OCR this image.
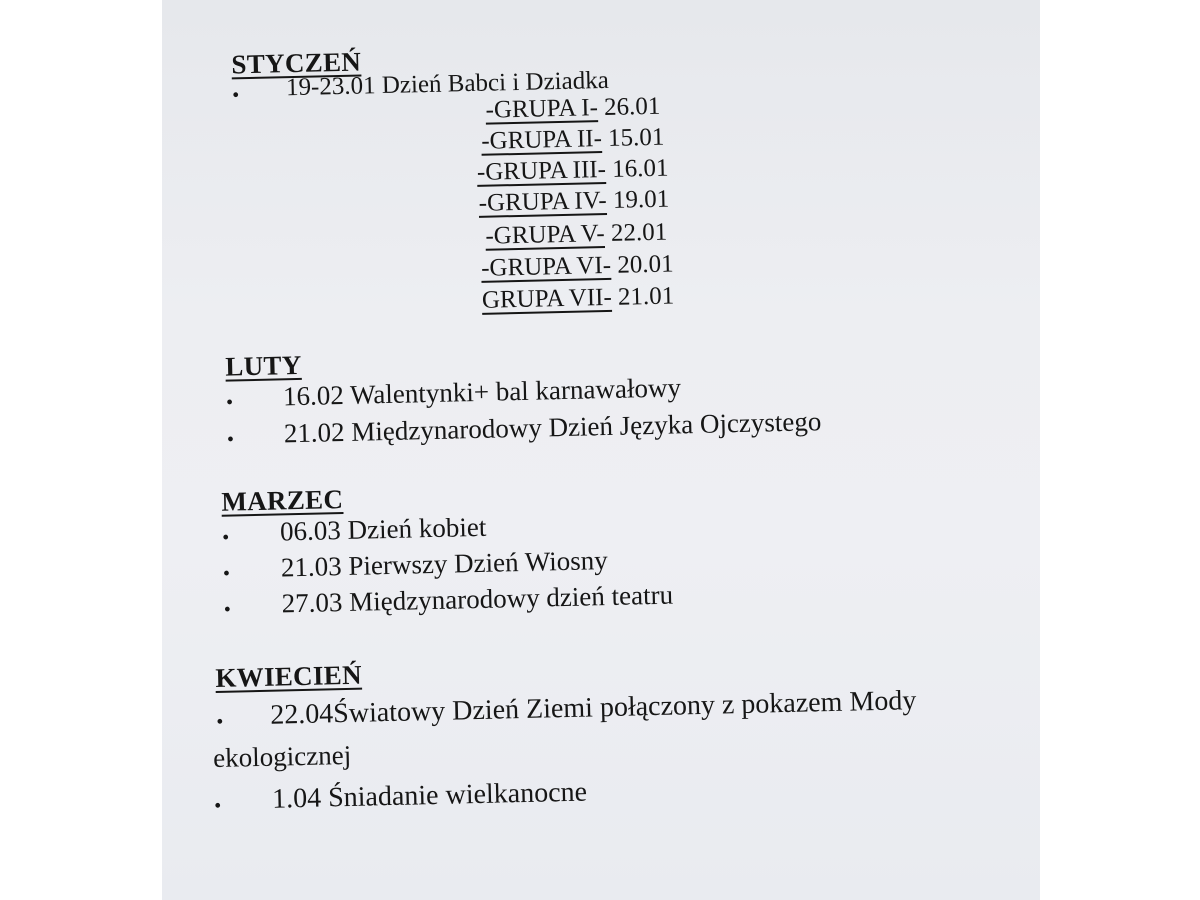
STYCZEŃ
• 19-23.01 Dzień Babci i Dziadka
-GRUPA I- 26.01
-GRUPA II- 15.01
-GRUPA III- 16.01
-GRUPA IV- 19.01
-GRUPA V- 22.01
-GRUPA VI- 20.01
GRUPA VII- 21.01
LUTY
• 16.02 Walentynki+ bal karnawałowy
• 21.02 Międzynarodowy Dzień Języka Ojczystego
MARZEC
• 06.03 Dzień kobiet
• 21.03 Pierwszy Dzień Wiosny
• 27.03 Międzynarodowy dzień teatru
KWIECIEŃ
• 22.04Światowy Dzień Ziemi połączony z pokazem Mody
ekologicznej
• 1.04 Śniadanie wielkanocne
